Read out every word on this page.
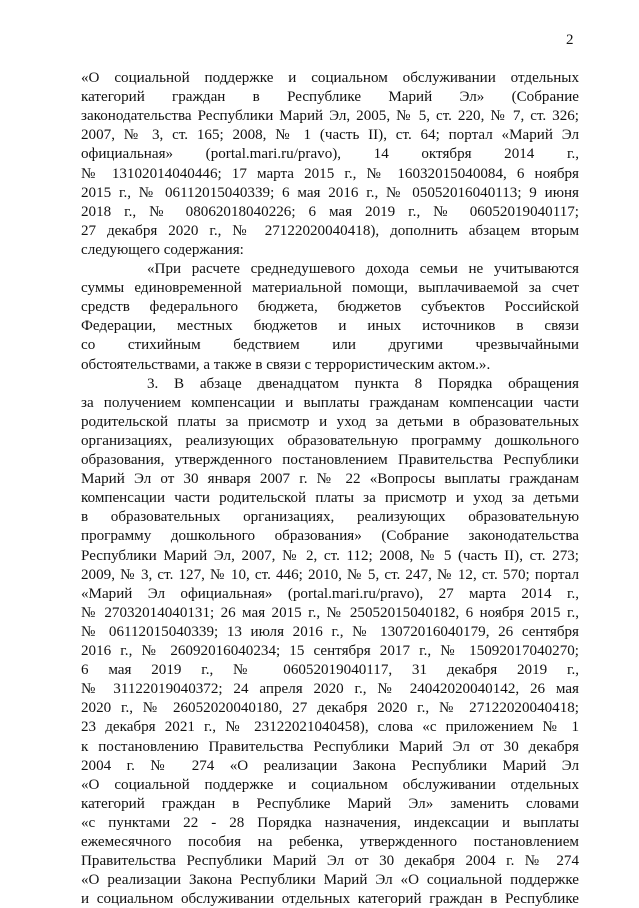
2
«О социальной поддержке и социальном обслуживании отдельных
категорий граждан в Республике Марий Эл» (Собрание
законодательства Республики Марий Эл, 2005, № 5, ст. 220, № 7, ст. 326;
2007, № 3, ст. 165; 2008, № 1 (часть II), ст. 64; портал «Марий Эл
официальная» (portal.mari.ru/pravo), 14 октября 2014 г.,
№ 13102014040446; 17 марта 2015 г., № 16032015040084, 6 ноября
2015 г., № 06112015040339; 6 мая 2016 г., № 05052016040113; 9 июня
2018 г., № 08062018040226; 6 мая 2019 г., № 06052019040117;
27 декабря 2020 г., № 27122020040418), дополнить абзацем вторым
следующего содержания:
«При расчете среднедушевого дохода семьи не учитываются
суммы единовременной материальной помощи, выплачиваемой за счет
средств федерального бюджета, бюджетов субъектов Российской
Федерации, местных бюджетов и иных источников в связи
со стихийным бедствием или другими чрезвычайными
обстоятельствами, а также в связи с террористическим актом.».
3. В абзаце двенадцатом пункта 8 Порядка обращения
за получением компенсации и выплаты гражданам компенсации части
родительской платы за присмотр и уход за детьми в образовательных
организациях, реализующих образовательную программу дошкольного
образования, утвержденного постановлением Правительства Республики
Марий Эл от 30 января 2007 г. № 22 «Вопросы выплаты гражданам
компенсации части родительской платы за присмотр и уход за детьми
в образовательных организациях, реализующих образовательную
программу дошкольного образования» (Собрание законодательства
Республики Марий Эл, 2007, № 2, ст. 112; 2008, № 5 (часть II), ст. 273;
2009, № 3, ст. 127, № 10, ст. 446; 2010, № 5, ст. 247, № 12, ст. 570; портал
«Марий Эл официальная» (portal.mari.ru/pravo), 27 марта 2014 г.,
№ 27032014040131; 26 мая 2015 г., № 25052015040182, 6 ноября 2015 г.,
№ 06112015040339; 13 июля 2016 г., № 13072016040179, 26 сентября
2016 г., № 26092016040234; 15 сентября 2017 г., № 15092017040270;
6 мая 2019 г., № 06052019040117, 31 декабря 2019 г.,
№ 31122019040372; 24 апреля 2020 г., № 24042020040142, 26 мая
2020 г., № 26052020040180, 27 декабря 2020 г., № 27122020040418;
23 декабря 2021 г., № 23122021040458), слова «с приложением № 1
к постановлению Правительства Республики Марий Эл от 30 декабря
2004 г. № 274 «О реализации Закона Республики Марий Эл
«О социальной поддержке и социальном обслуживании отдельных
категорий граждан в Республике Марий Эл» заменить словами
«с пунктами 22 - 28 Порядка назначения, индексации и выплаты
ежемесячного пособия на ребенка, утвержденного постановлением
Правительства Республики Марий Эл от 30 декабря 2004 г. № 274
«О реализации Закона Республики Марий Эл «О социальной поддержке
и социальном обслуживании отдельных категорий граждан в Республике
